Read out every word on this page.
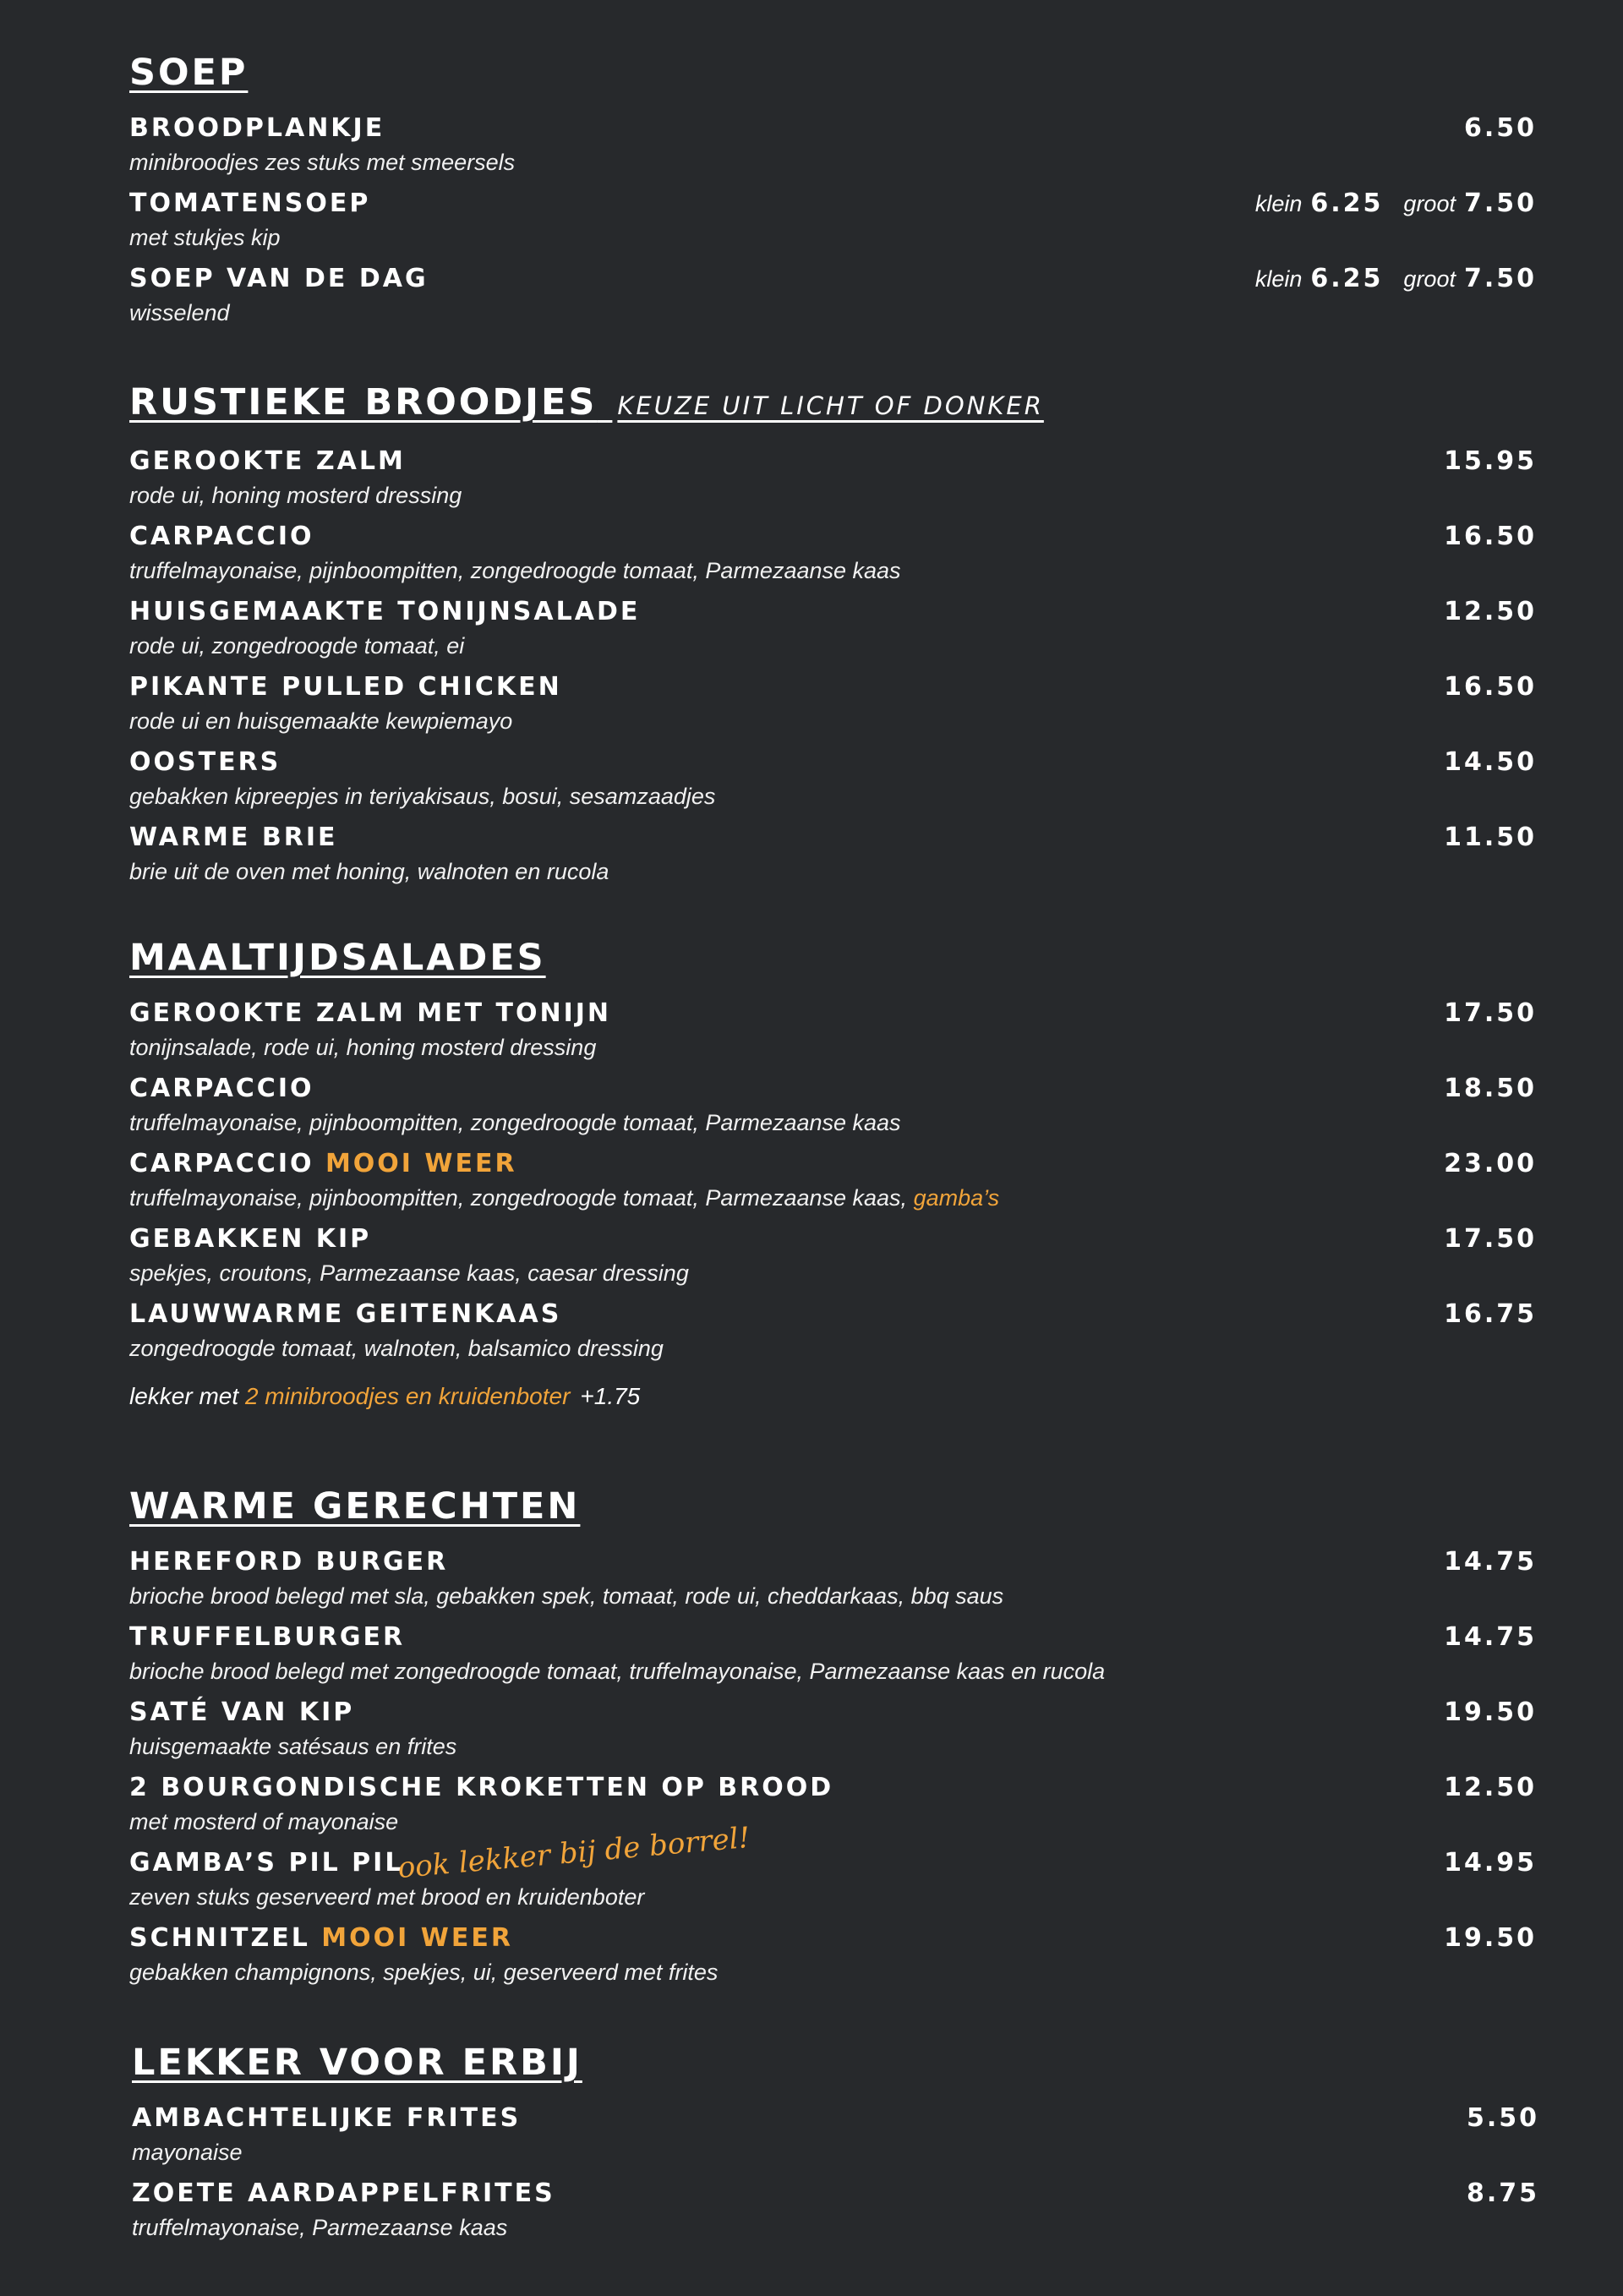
SOEP
BROODPLANKJE
minibroodjes zes stuks met smeersels
6.50
TOMATENSOEP
met stukjes kip
klein 6.25 groot 7.50
SOEP VAN DE DAG
wisselend
klein 6.25 groot 7.50
RUSTIEKE BROODJES KEUZE UIT LICHT OF DONKER
GEROOKTE ZALM
rode ui, honing mosterd dressing
15.95
CARPACCIO
truffelmayonaise, pijnboompitten, zongedroogde tomaat, Parmezaanse kaas
16.50
HUISGEMAAKTE TONIJNSALADE
rode ui, zongedroogde tomaat, ei
12.50
PIKANTE PULLED CHICKEN
rode ui en huisgemaakte kewpiemayo
16.50
OOSTERS
gebakken kipreepjes in teriyakisaus, bosui, sesamzaadjes
14.50
WARME BRIE
brie uit de oven met honing, walnoten en rucola
11.50
MAALTIJDSALADES
GEROOKTE ZALM MET TONIJN
tonijnsalade, rode ui, honing mosterd dressing
17.50
CARPACCIO
truffelmayonaise, pijnboompitten, zongedroogde tomaat, Parmezaanse kaas
18.50
CARPACCIO MOOI WEER
truffelmayonaise, pijnboompitten, zongedroogde tomaat, Parmezaanse kaas, gamba’s
23.00
GEBAKKEN KIP
spekjes, croutons, Parmezaanse kaas, caesar dressing
17.50
LAUWWARME GEITENKAAS
zongedroogde tomaat, walnoten, balsamico dressing
16.75
lekker met 2 minibroodjes en kruidenboter +1.75
WARME GERECHTEN
HEREFORD BURGER
brioche brood belegd met sla, gebakken spek, tomaat, rode ui, cheddarkaas, bbq saus
14.75
TRUFFELBURGER
brioche brood belegd met zongedroogde tomaat, truffelmayonaise, Parmezaanse kaas en rucola
14.75
SATÉ VAN KIP
huisgemaakte satésaus en frites
19.50
2 BOURGONDISCHE KROKETTEN OP BROOD
met mosterd of mayonaise
12.50
GAMBA’S PIL PIL
ook lekker bij de borrel!
zeven stuks geserveerd met brood en kruidenboter
14.95
SCHNITZEL MOOI WEER
gebakken champignons, spekjes, ui, geserveerd met frites
19.50
LEKKER VOOR ERBIJ
AMBACHTELIJKE FRITES
mayonaise
5.50
ZOETE AARDAPPELFRITES
truffelmayonaise, Parmezaanse kaas
8.75
